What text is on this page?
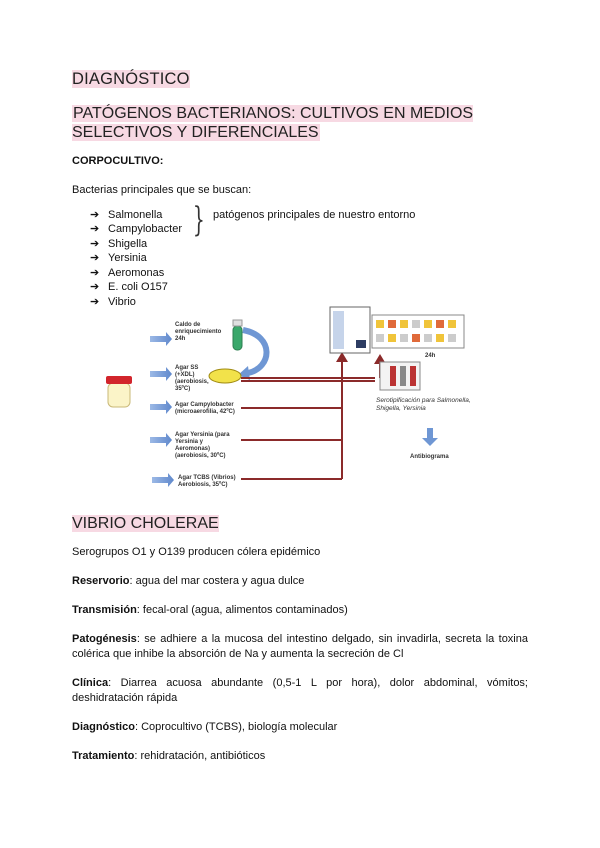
DIAGNÓSTICO
PATÓGENOS BACTERIANOS: CULTIVOS EN MEDIOS SELECTIVOS Y DIFERENCIALES
CORPOCULTIVO:
Bacterias principales que se buscan:
➔ Salmonella
➔ Campylobacter
➔ Shigella
➔ Yersinia
➔ Aeromonas
➔ E. coli O157
➔ Vibrio
} patógenos principales de nuestro entorno
Caldo de enriquecimiento 24h
Agar SS (+XDL) (aerobiosis, 35ºC)
Agar Campylobacter (microaerofilia, 42ºC)
Agar Yersinia (para Yersinia y Aeromonas) (aerobiosis, 30ºC)
Agar TCBS (Vibrios) Aerobiosis, 35ºC)
24h
Serotipificación para Salmonella, Shigella, Yersinia
Antibiograma
VIBRIO CHOLERAE
Serogrupos O1 y O139 producen cólera epidémico
Reservorio: agua del mar costera y agua dulce
Transmisión: fecal-oral (agua, alimentos contaminados)
Patogénesis: se adhiere a la mucosa del intestino delgado, sin invadirla, secreta la toxina colérica que inhibe la absorción de Na y aumenta la secreción de Cl
Clínica: Diarrea acuosa abundante (0,5-1 L por hora), dolor abdominal, vómitos; deshidratación rápida
Diagnóstico: Coprocultivo (TCBS), biología molecular
Tratamiento: rehidratación, antibióticos
